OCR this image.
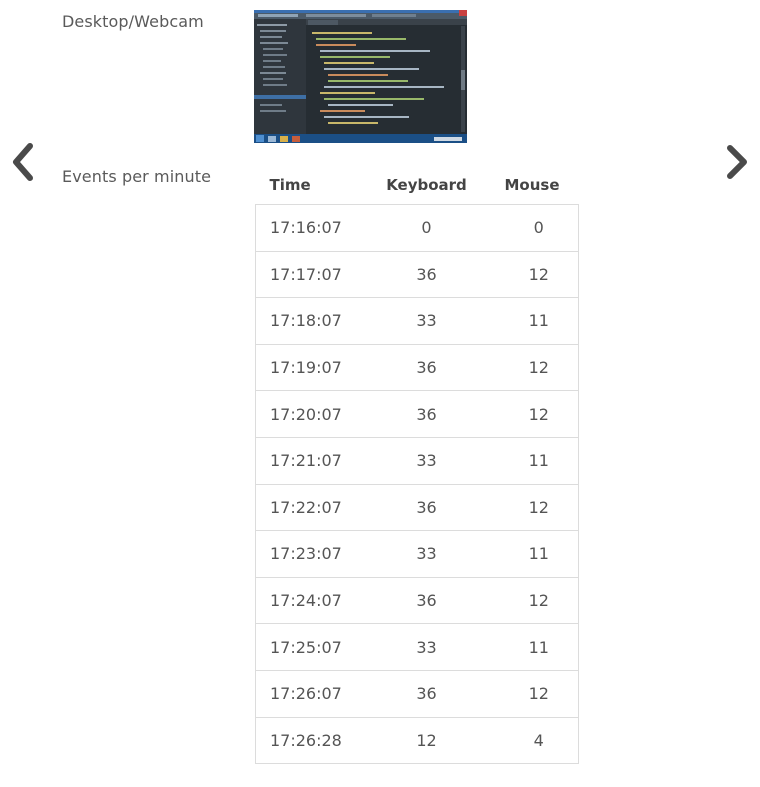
Desktop/Webcam
Events per minute	Time	Keyboard	Mouse
17:16:07	0	0
17:17:07	36	12
17:18:07	33	11
17:19:07	36	12
17:20:07	36	12
17:21:07	33	11
17:22:07	36	12
17:23:07	33	11
17:24:07	36	12
17:25:07	33	11
17:26:07	36	12
17:26:28	12	4
